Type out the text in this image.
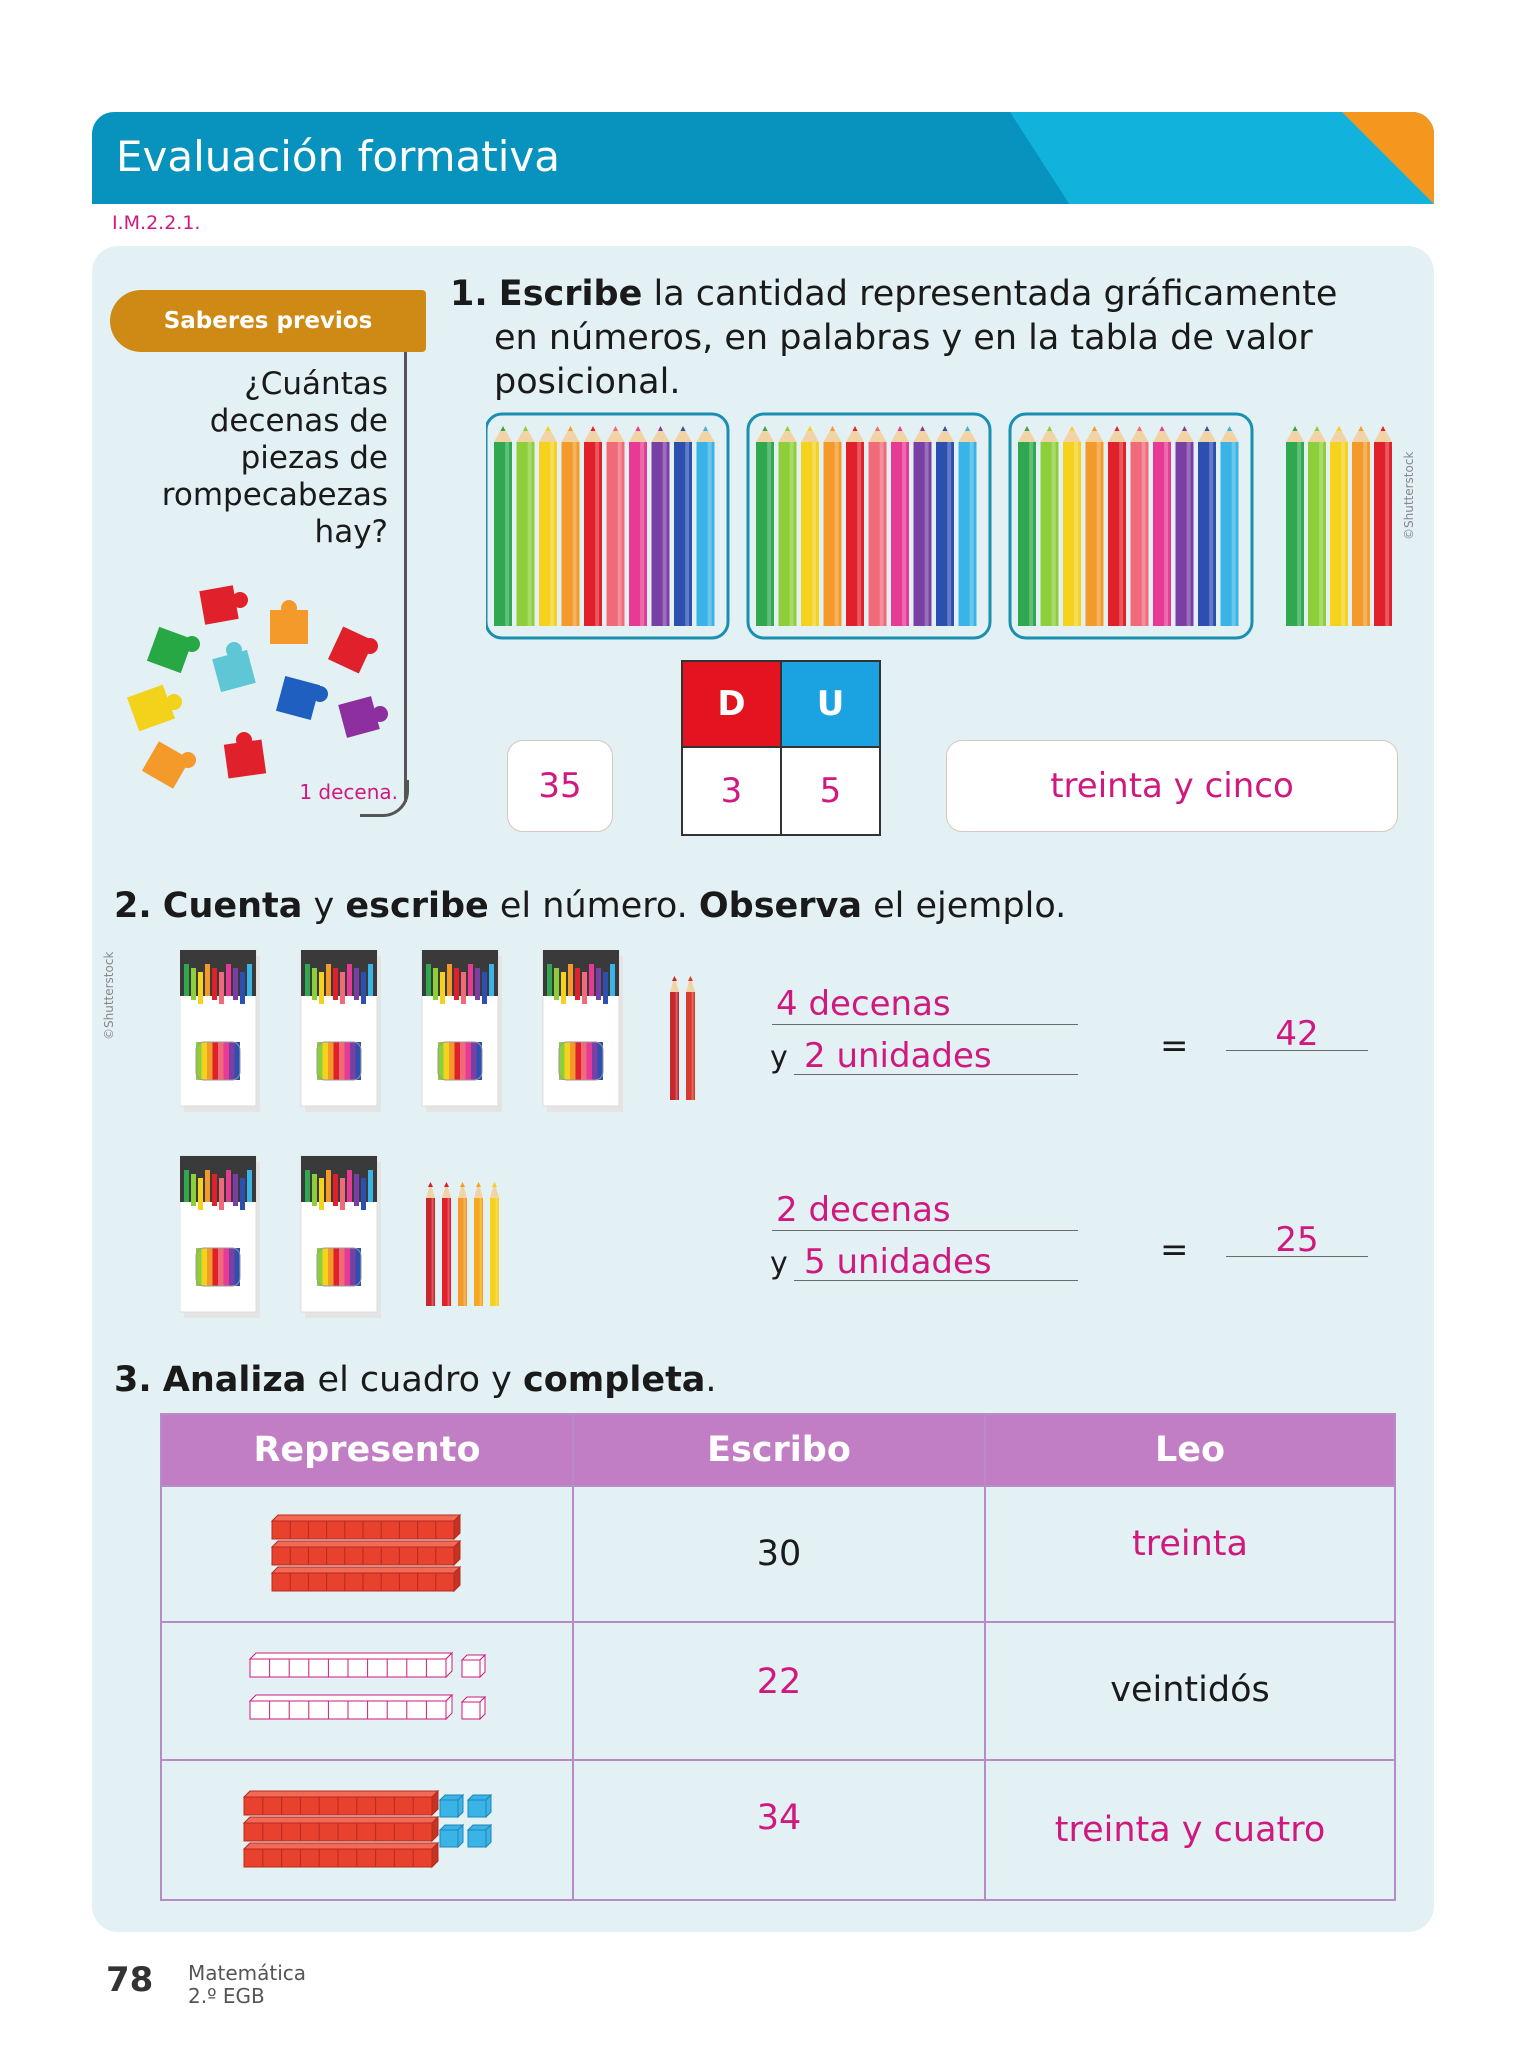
Evaluación formativa
DUA
Acción y expresión
I.M.2.2.1.
Saberes previos
¿Cuántas
decenas de
piezas de
rompecabezas
hay?
1 decena.
1. Escribe la cantidad representada gráficamente
en números, en palabras y en la tabla de valor
posicional.
©Shutterstock
35
D	U
3	5	treinta y cinco
2. Cuenta y escribe el número. Observa el ejemplo.
©Shutterstock	4 decenas
y 2 unidades	=	42
2 decenas
y 5 unidades	=	25
3. Analiza el cuadro y completa.
Represento	Escribo	Leo
30	treinta
22	veintidós
34	treinta y cuatro
78 Matemática
2.º EGB
